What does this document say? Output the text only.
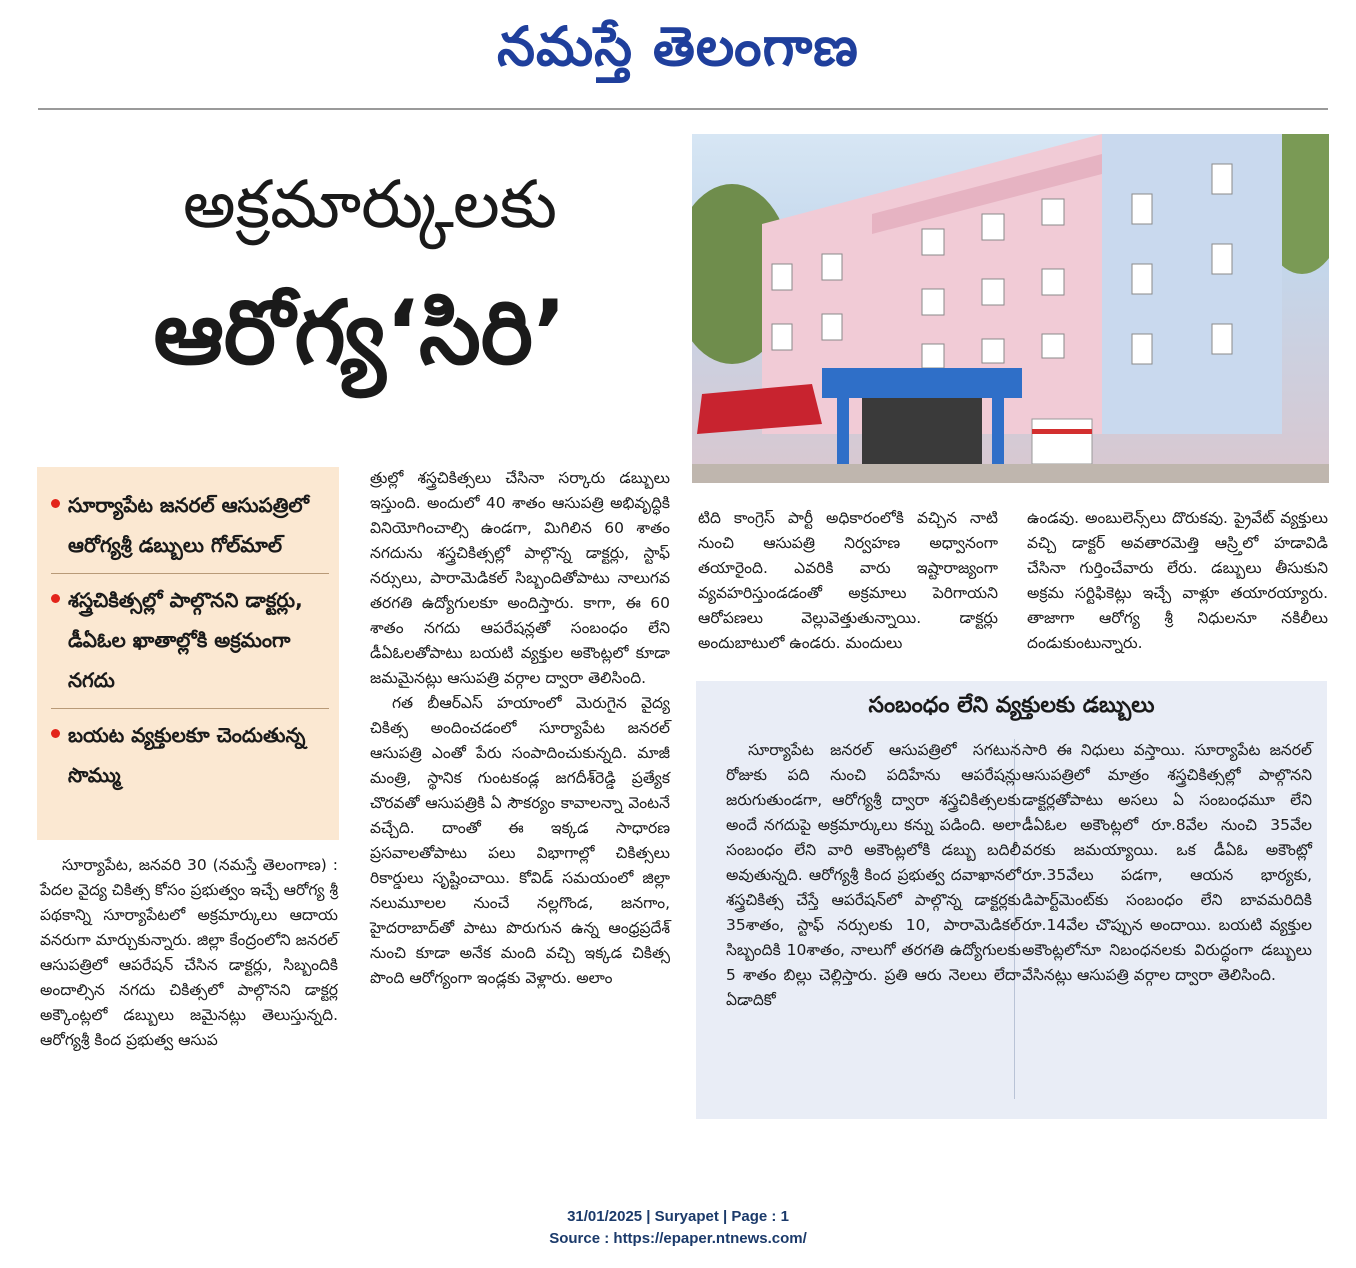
నమస్తే తెలంగాణ
అక్రమార్కులకు
ఆరోగ్య‘సిరి’
సూర్యాపేట జనరల్ ఆసుపత్రిలో ఆరోగ్యశ్రీ డబ్బులు గోల్‌మాల్
శస్త్రచికిత్సల్లో పాల్గొనని డాక్టర్లు, డీఏఓల ఖాతాల్లోకి అక్రమంగా నగదు
బయట వ్యక్తులకూ చెందుతున్న సొమ్ము

సూర్యాపేట, జనవరి 30 (నమస్తే తెలంగాణ) : పేదల వైద్య చికిత్స కోసం ప్రభుత్వం ఇచ్చే ఆరోగ్య శ్రీ పథకాన్ని సూర్యాపేటలో అక్రమార్కులు ఆదాయ వనరుగా మార్చుకున్నారు. జిల్లా కేంద్రంలోని జనరల్ ఆసుపత్రిలో ఆపరేషన్ చేసిన డాక్టర్లు, సిబ్బందికి అందాల్సిన నగదు చికిత్సలో పాల్గొనని డాక్టర్ల అక్కౌంట్లలో డబ్బులు జమైనట్లు తెలుస్తున్నది. ఆరోగ్యశ్రీ కింద ప్రభుత్వ ఆసుప

త్రుల్లో శస్త్రచికిత్సలు చేసినా సర్కారు డబ్బులు ఇస్తుంది. అందులో 40 శాతం ఆసుపత్రి అభివృద్ధికి వినియోగించాల్సి ఉండగా, మిగిలిన 60 శాతం నగదును శస్త్రచికిత్సల్లో పాల్గొన్న డాక్టర్లు, స్టాఫ్ నర్సులు, పారామెడికల్ సిబ్బందితోపాటు నాలుగవ తరగతి ఉద్యోగులకూ అందిస్తారు. కాగా, ఈ 60 శాతం నగదు ఆపరేషన్లతో సంబంధం లేని డీఏఓలతోపాటు బయటి వ్యక్తుల అకౌంట్లలో కూడా జమమైనట్లు ఆసుపత్రి వర్గాల ద్వారా తెలిసింది.

గత బీఆర్‌ఎస్ హయాంలో మెరుగైన వైద్య చికిత్స అందించడంలో సూర్యాపేట జనరల్ ఆసుపత్రి ఎంతో పేరు సంపాదించుకున్నది. మాజీ మంత్రి, స్థానిక గుంటకండ్ల జగదీశ్‌రెడ్డి ప్రత్యేక చొరవతో ఆసుపత్రికి ఏ సౌకర్యం కావాలన్నా వెంటనే వచ్చేది. దాంతో ఈ ఇక్కడ సాధారణ ప్రసవాలతోపాటు పలు విభాగాల్లో చికిత్సలు రికార్డులు సృష్టించాయి. కోవిడ్ సమయంలో జిల్లా నలుమూలల నుంచే నల్లగొండ, జనగాం, హైదరాబాద్‌తో పాటు పొరుగున ఉన్న ఆంధ్రప్రదేశ్ నుంచి కూడా అనేక మంది వచ్చి ఇక్కడ చికిత్స పొంది ఆరోగ్యంగా ఇండ్లకు వెళ్లారు. అలాం

టిది కాంగ్రెస్ పార్టీ అధికారంలోకి వచ్చిన నాటి నుంచి ఆసుపత్రి నిర్వహణ అధ్వానంగా తయారైంది. ఎవరికి వారు ఇష్టారాజ్యంగా వ్యవహరిస్తుండడంతో అక్రమాలు పెరిగాయని ఆరోపణలు వెల్లువెత్తుతున్నాయి. డాక్టర్లు అందుబాటులో ఉండరు. మందులు

ఉండవు. అంబులెన్స్‌లు దొరుకవు. ప్రైవేట్ వ్యక్తులు వచ్చి డాక్టర్ అవతారమెత్తి ఆస్ర్తిలో హడావిడి చేసినా గుర్తించేవారు లేరు. డబ్బులు తీసుకుని అక్రమ సర్టిఫికెట్లు ఇచ్చే వాళ్లూ తయారయ్యారు. తాజాగా ఆరోగ్య శ్రీ నిధులనూ నకిలీలు దండుకుంటున్నారు.

సంబంధం లేని వ్యక్తులకు డబ్బులు

సూర్యాపేట జనరల్ ఆసుపత్రిలో సగటున రోజుకు పది నుంచి పదిహేను ఆపరేషన్లు జరుగుతుండగా, ఆరోగ్యశ్రీ ద్వారా శస్త్రచికిత్సలకు అందే నగదుపై అక్రమార్కులు కన్ను పడింది. అలా సంబంధం లేని వారి అకౌంట్లలోకి డబ్బు బదిలీ అవుతున్నది. ఆరోగ్యశ్రీ కింద ప్రభుత్వ దవాఖానలో శస్త్రచికిత్స చేస్తే ఆపరేషన్‌లో పాల్గొన్న డాక్టర్లకు 35శాతం, స్టాఫ్ నర్సులకు 10, పారామెడికల్ సిబ్బందికి 10శాతం, నాలుగో తరగతి ఉద్యోగులకు 5 శాతం బిల్లు చెల్లిస్తారు. ప్రతి ఆరు నెలలు లేదా ఏడాదికో

సారి ఈ నిధులు వస్తాయి. సూర్యాపేట జనరల్ ఆసుపత్రిలో మాత్రం శస్త్రచికిత్సల్లో పాల్గొనని డాక్టర్లతోపాటు అసలు ఏ సంబంధమూ లేని డీఏఓల అకౌంట్లలో రూ.8వేల నుంచి 35వేల వరకు జమయ్యాయి. ఒక డీఏఓ అకౌంట్లో రూ.35వేలు పడగా, ఆయన భార్యకు, డిపార్ట్‌మెంట్‌కు సంబంధం లేని బావమరిదికి రూ.14వేల చొప్పున అందాయి. బయటి వ్యక్తుల అకౌంట్లలోనూ నిబంధనలకు విరుద్ధంగా డబ్బులు వేసినట్లు ఆసుపత్రి వర్గాల ద్వారా తెలిసింది.

31/01/2025 | Suryapet | Page : 1
Source : https://epaper.ntnews.com/
